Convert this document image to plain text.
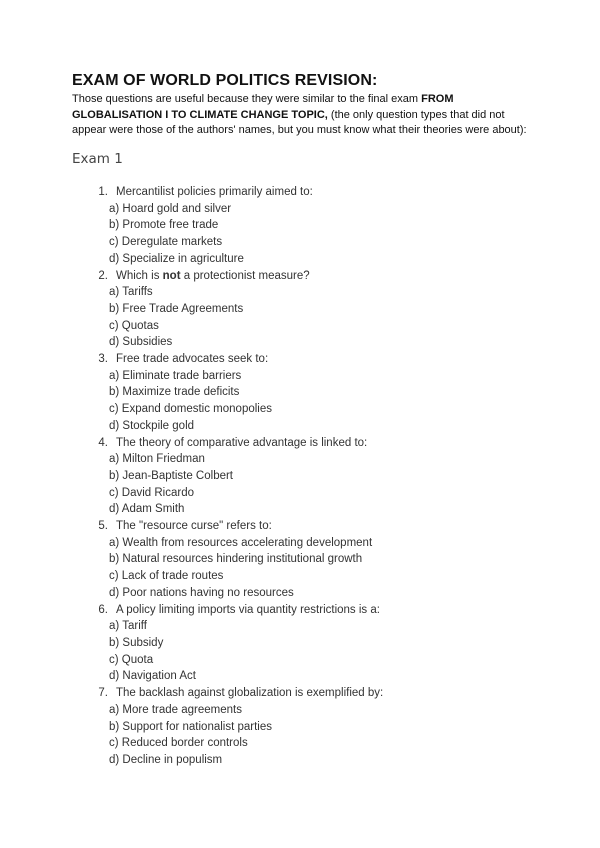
EXAM OF WORLD POLITICS REVISION:
Those questions are useful because they were similar to the final exam FROM GLOBALISATION I TO CLIMATE CHANGE TOPIC, (the only question types that did not appear were those of the authors' names, but you must know what their theories were about):
Exam 1
1. Mercantilist policies primarily aimed to:
a) Hoard gold and silver
b) Promote free trade
c) Deregulate markets
d) Specialize in agriculture
2. Which is not a protectionist measure?
a) Tariffs
b) Free Trade Agreements
c) Quotas
d) Subsidies
3. Free trade advocates seek to:
a) Eliminate trade barriers
b) Maximize trade deficits
c) Expand domestic monopolies
d) Stockpile gold
4. The theory of comparative advantage is linked to:
a) Milton Friedman
b) Jean-Baptiste Colbert
c) David Ricardo
d) Adam Smith
5. The "resource curse" refers to:
a) Wealth from resources accelerating development
b) Natural resources hindering institutional growth
c) Lack of trade routes
d) Poor nations having no resources
6. A policy limiting imports via quantity restrictions is a:
a) Tariff
b) Subsidy
c) Quota
d) Navigation Act
7. The backlash against globalization is exemplified by:
a) More trade agreements
b) Support for nationalist parties
c) Reduced border controls
d) Decline in populism
